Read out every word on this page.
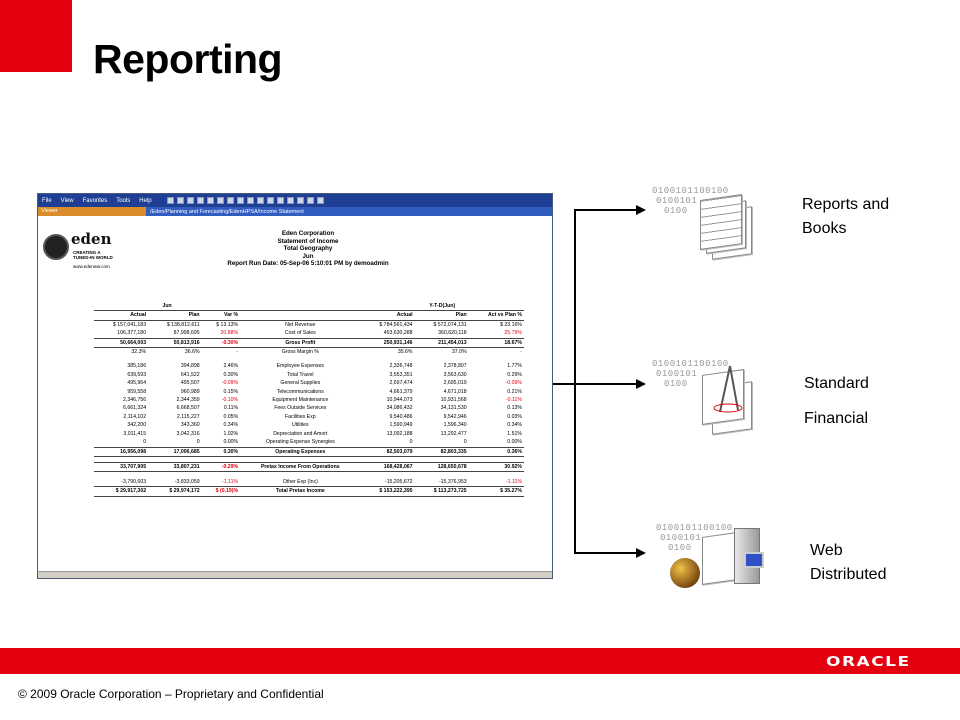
Reporting
File View Favorites Tools Help
Viewer	/Eden/Planning and Forecasting/EdenHPSA/Income Statement
eden
CREATING A TUNED-IN WORLD
www.edenww.com
Eden Corporation
Statement of Income
Total Geography
Jun
Report Run Date: 05-Sep-06 5:10:01 PM by demoadmin
Jun				Y-T-D(Jun)		
Actual	Plan	Var %		Actual	Plan	Act vs Plan %
$ 157,041,183	$ 138,812,611	$ 13.13%	Net Revenue	$ 784,561,434	$ 572,074,131	$ 23.16%
106,377,180	87,998,695	20.88%	Cost of Sales	453,630,288	360,620,118	25.79%
50,664,003	50,813,916	-0.30%	Gross Profit	250,931,146	211,454,013	18.67%
32.3%	36.6%	-	Gross Margin %	35.6%	37.0%	-

385,186	394,898	2.46%	Employee Expenses	2,336,748	2,378,807	1.77%
639,593	641,522	0.30%	Total Travel	3,553,351	3,563,630	0.29%
495,964	495,507	-0.09%	General Supplies	2,697,474	2,695,019	-0.09%
959,558	960,989	0.15%	Telecommunications	4,661,379	4,671,018	0.21%
2,346,756	2,344,359	-0.10%	Equipment Maintenance	10,944,073	10,931,568	-0.11%
6,661,324	6,668,507	0.11%	Fees Outside Services	34,086,432	34,131,530	0.13%
2,114,102	2,115,227	0.05%	Facilities Exp	9,540,486	9,542,946	0.03%
342,200	343,360	0.34%	Utilities	1,590,949	1,596,340	0.34%
3,011,415	3,042,316	1.02%	Depreciation and Amort	13,092,188	13,292,477	1.51%
0	0	0.00%	Operating Expense Synergies	0	0	0.00%
16,956,098	17,006,685	0.30%	Operating Expenses	82,503,079	82,803,335	0.36%

33,707,905	33,807,231	-0.29%	Pretax Income From Operations	168,428,067	128,650,678	30.92%

-3,790,603	-3,833,059	-1.11%	Other Exp (Inc)	-15,205,672	-15,376,953	-1.11%
$ 29,917,302	$ 29,974,172	$ (0.19)%	Total Pretax Income	$ 153,222,395	$ 113,273,725	$ 35.27%
0100101100100
0100101
0100	Reports and
Books
0100101100100
0100101
0100	Standard
Financial
0100101100100
0100101
0100	Web
Distributed
ORACLE
© 2009 Oracle Corporation – Proprietary and Confidential
